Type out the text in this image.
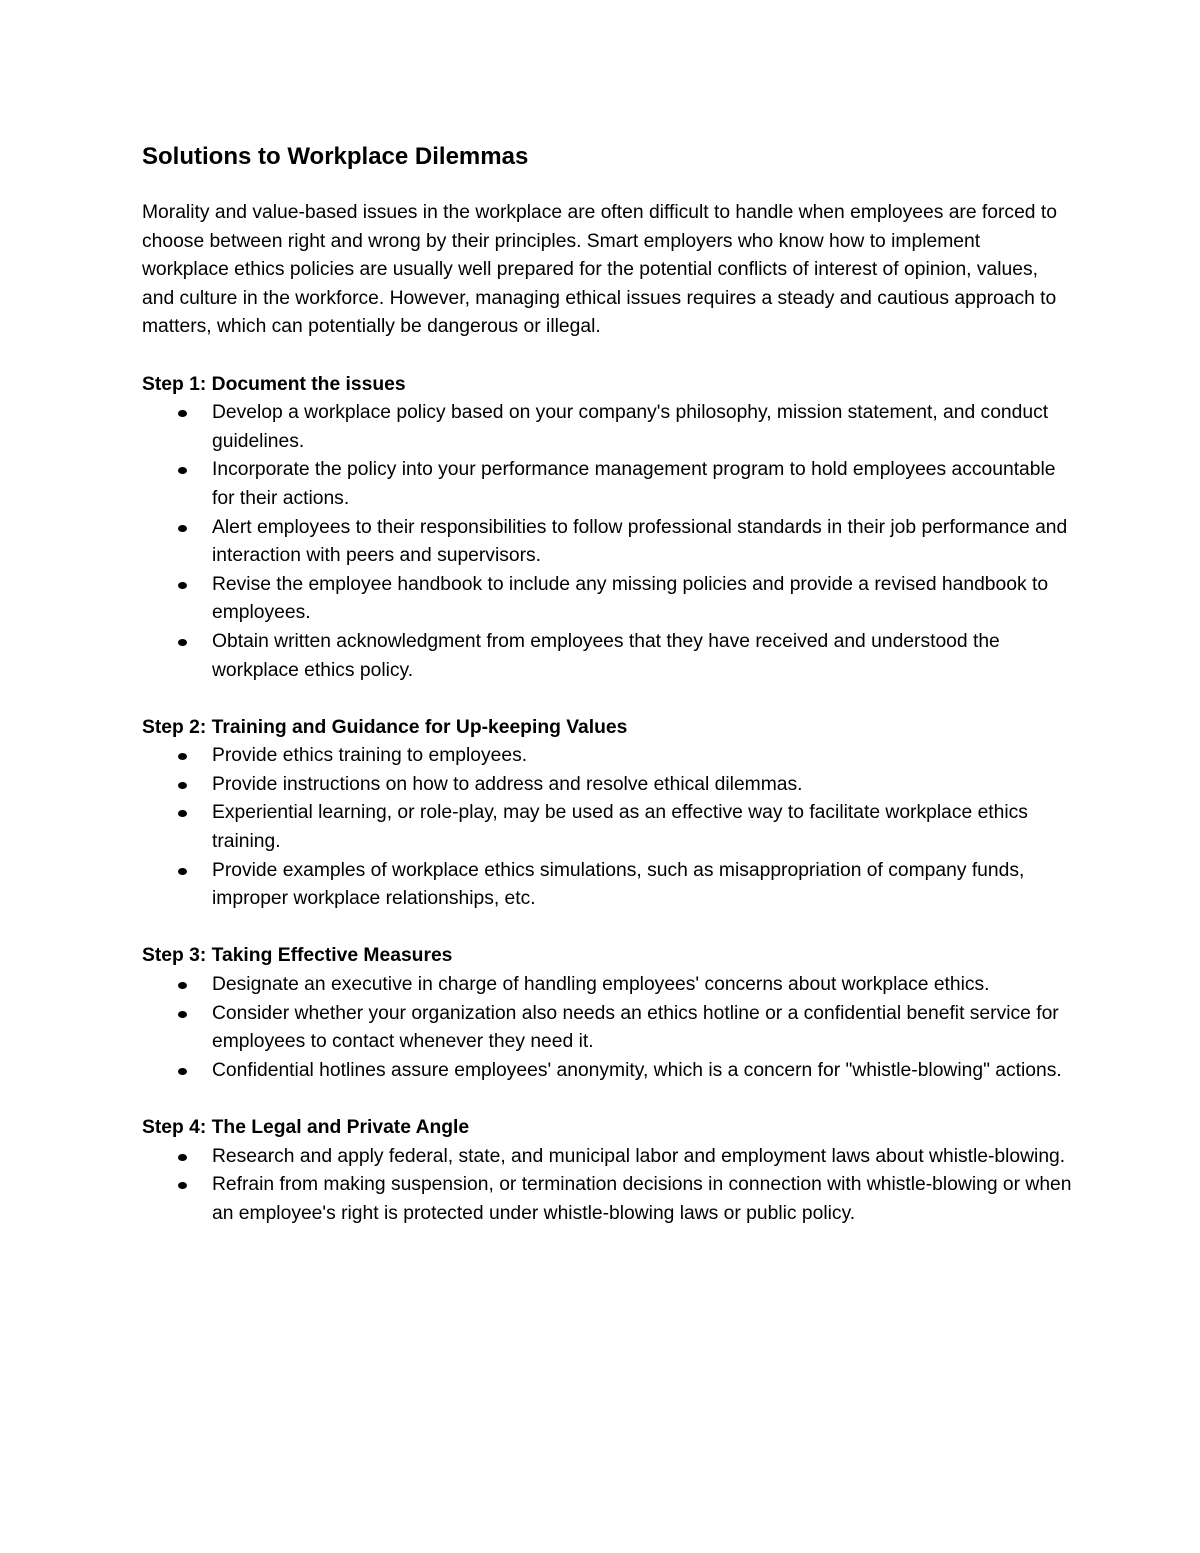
Solutions to Workplace Dilemmas

Morality and value-based issues in the workplace are often difficult to handle when employees are forced to choose between right and wrong by their principles. Smart employers who know how to implement workplace ethics policies are usually well prepared for the potential conflicts of interest of opinion, values, and culture in the workforce. However, managing ethical issues requires a steady and cautious approach to matters, which can potentially be dangerous or illegal.

Step 1: Document the issues

Develop a workplace policy based on your company's philosophy, mission statement, and conduct guidelines.
Incorporate the policy into your performance management program to hold employees accountable for their actions.
Alert employees to their responsibilities to follow professional standards in their job performance and interaction with peers and supervisors.
Revise the employee handbook to include any missing policies and provide a revised handbook to employees.
Obtain written acknowledgment from employees that they have received and understood the workplace ethics policy.

Step 2: Training and Guidance for Up-keeping Values

Provide ethics training to employees.
Provide instructions on how to address and resolve ethical dilemmas.
Experiential learning, or role-play, may be used as an effective way to facilitate workplace ethics training.
Provide examples of workplace ethics simulations, such as misappropriation of company funds, improper workplace relationships, etc.

Step 3: Taking Effective Measures

Designate an executive in charge of handling employees' concerns about workplace ethics.
Consider whether your organization also needs an ethics hotline or a confidential benefit service for employees to contact whenever they need it.
Confidential hotlines assure employees' anonymity, which is a concern for "whistle-blowing" actions.

Step 4: The Legal and Private Angle

Research and apply federal, state, and municipal labor and employment laws about whistle-blowing.
Refrain from making suspension, or termination decisions in connection with whistle-blowing or when an employee's right is protected under whistle-blowing laws or public policy.
